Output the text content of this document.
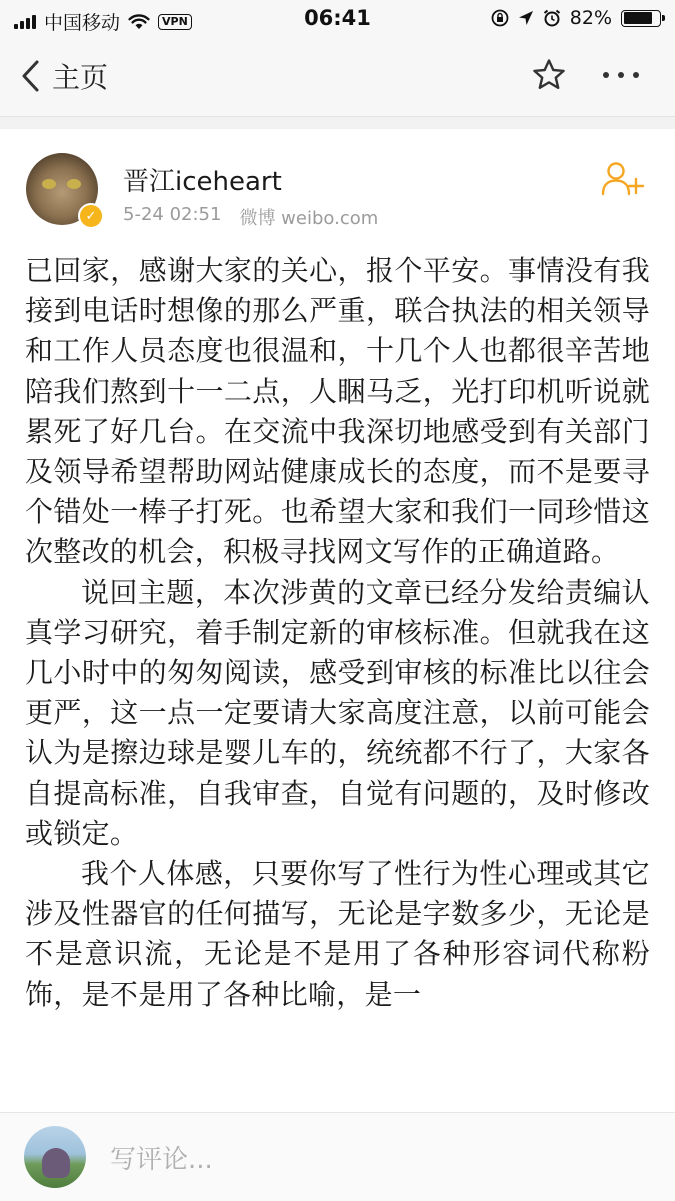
中国移动	VPN	06:41	82%
主页
✓
晋江iceheart
5-24 02:51 微博 weibo.com

已回家，感谢大家的关心，报个平安。事情没有我接到电话时想像的那么严重，联合执法的相关领导和工作人员态度也很温和，十几个人也都很辛苦地陪我们熬到十一二点，人睏马乏，光打印机听说就累死了好几台。在交流中我深切地感受到有关部门及领导希望帮助网站健康成长的态度，而不是要寻个错处一棒子打死。也希望大家和我们一同珍惜这次整改的机会，积极寻找网文写作的正确道路。

说回主题，本次涉黄的文章已经分发给责编认真学习研究，着手制定新的审核标准。但就我在这几小时中的匆匆阅读，感受到审核的标准比以往会更严，这一点一定要请大家高度注意，以前可能会认为是擦边球是婴儿车的，统统都不行了，大家各自提高标准，自我审查，自觉有问题的，及时修改或锁定。

我个人体感，只要你写了性行为性心理或其它涉及性器官的任何描写，无论是字数多少，无论是不是意识流，无论是不是用了各种形容词代称粉饰，是不是用了各种比喻，是一

写评论...
